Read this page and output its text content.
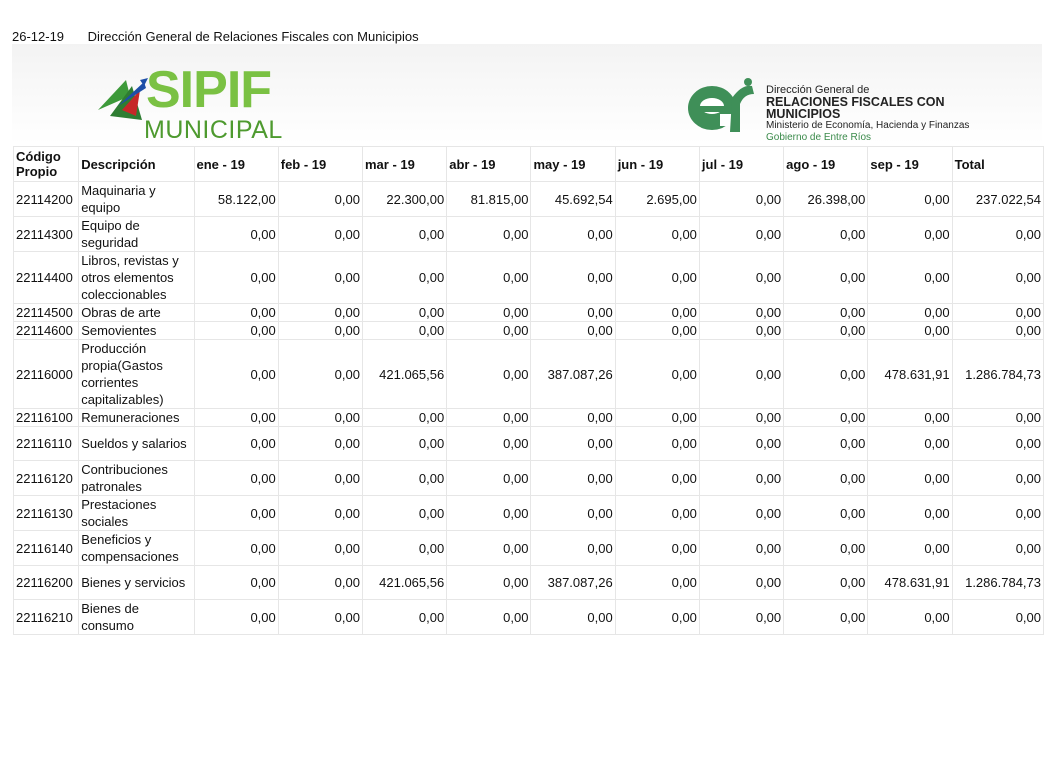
26-12-19 Dirección General de Relaciones Fiscales con Municipios
SIPIF
MUNICIPAL
Dirección General de
RELACIONES FISCALES CON MUNICIPIOS
Ministerio de Economía, Hacienda y Finanzas
Gobierno de Entre Ríos
Código Propio	Descripción	ene - 19	feb - 19	mar - 19	abr - 19	may - 19	jun - 19	jul - 19	ago - 19	sep - 19	Total
22114200	Maquinaria y equipo	58.122,00	0,00	22.300,00	81.815,00	45.692,54	2.695,00	0,00	26.398,00	0,00	237.022,54
22114300	Equipo de seguridad	0,00	0,00	0,00	0,00	0,00	0,00	0,00	0,00	0,00	0,00
22114400	Libros, revistas y otros elementos coleccionables	0,00	0,00	0,00	0,00	0,00	0,00	0,00	0,00	0,00	0,00
22114500	Obras de arte	0,00	0,00	0,00	0,00	0,00	0,00	0,00	0,00	0,00	0,00
22114600	Semovientes	0,00	0,00	0,00	0,00	0,00	0,00	0,00	0,00	0,00	0,00
22116000	Producción propia(Gastos corrientes capitalizables)	0,00	0,00	421.065,56	0,00	387.087,26	0,00	0,00	0,00	478.631,91	1.286.784,73
22116100	Remuneraciones	0,00	0,00	0,00	0,00	0,00	0,00	0,00	0,00	0,00	0,00
22116110	Sueldos y salarios	0,00	0,00	0,00	0,00	0,00	0,00	0,00	0,00	0,00	0,00
22116120	Contribuciones patronales	0,00	0,00	0,00	0,00	0,00	0,00	0,00	0,00	0,00	0,00
22116130	Prestaciones sociales	0,00	0,00	0,00	0,00	0,00	0,00	0,00	0,00	0,00	0,00
22116140	Beneficios y compensaciones	0,00	0,00	0,00	0,00	0,00	0,00	0,00	0,00	0,00	0,00
22116200	Bienes y servicios	0,00	0,00	421.065,56	0,00	387.087,26	0,00	0,00	0,00	478.631,91	1.286.784,73
22116210	Bienes de consumo	0,00	0,00	0,00	0,00	0,00	0,00	0,00	0,00	0,00	0,00
